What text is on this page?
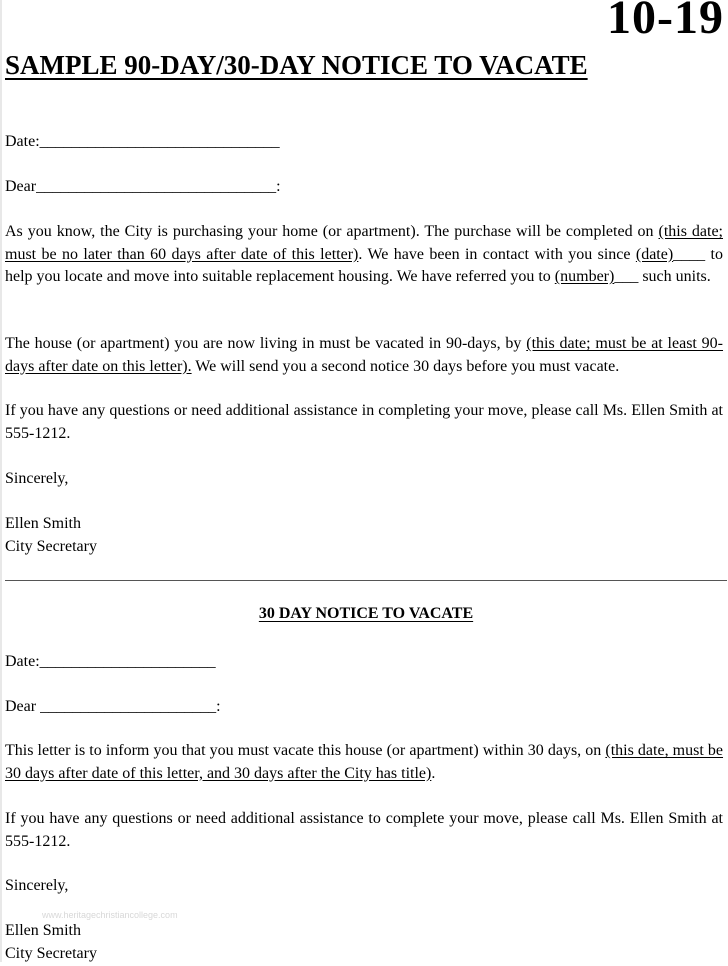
10-19
SAMPLE 90-DAY/30-DAY NOTICE TO VACATE
Date:______________________________
Dear______________________________:
As you know, the City is purchasing your home (or apartment). The purchase will be completed on (this date; must be no later than 60 days after date of this letter). We have been in contact with you since (date)____ to help you locate and move into suitable replacement housing. We have referred you to (number)___ such units.
The house (or apartment) you are now living in must be vacated in 90-days, by (this date; must be at least 90-days after date on this letter). We will send you a second notice 30 days before you must vacate.
If you have any questions or need additional assistance in completing your move, please call Ms. Ellen Smith at 555-1212.
Sincerely,
Ellen Smith
City Secretary
30 DAY NOTICE TO VACATE
Date:______________________
Dear ______________________:
This letter is to inform you that you must vacate this house (or apartment) within 30 days, on (this date, must be 30 days after date of this letter, and 30 days after the City has title).
If you have any questions or need additional assistance to complete your move, please call Ms. Ellen Smith at 555-1212.
Sincerely,
www.heritagechristiancollege.com
Ellen Smith
City Secretary
